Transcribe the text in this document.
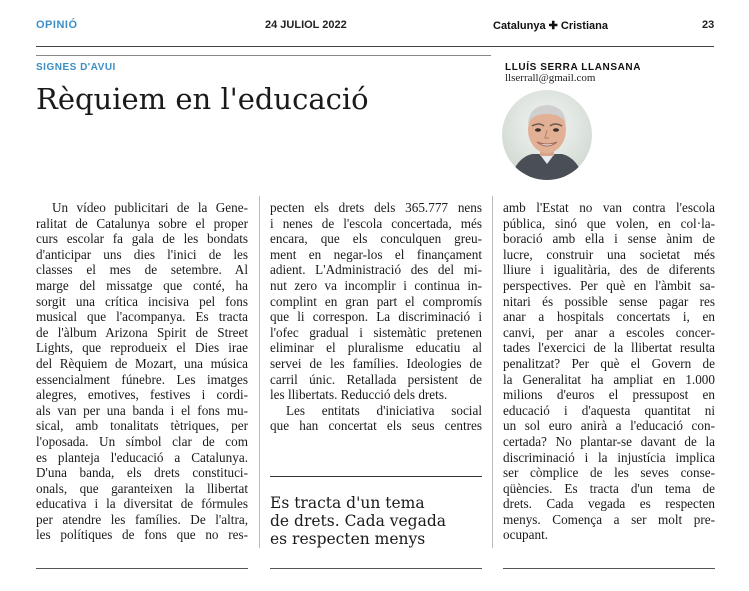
OPINIÓ	24 JULIOL 2022	Catalunya ✚ Cristiana	23
SIGNES D'AVUI
Rèquiem en l'educació
LLUÍS SERRA LLANSANA
llserrall@gmail.com
Un vídeo publicitari de la Gene-
ralitat de Catalunya sobre el proper
curs escolar fa gala de les bondats
d'anticipar uns dies l'inici de les
classes el mes de setembre. Al
marge del missatge que conté, ha
sorgit una crítica incisiva pel fons
musical que l'acompanya. Es tracta
de l'àlbum Arizona Spirit de Street
Lights, que reprodueix el Dies irae
del Rèquiem de Mozart, una música
essencialment fúnebre. Les imatges
alegres, emotives, festives i cordi-
als van per una banda i el fons mu-
sical, amb tonalitats tètriques, per
l'oposada. Un símbol clar de com
es planteja l'educació a Catalunya.
D'una banda, els drets constituci-
onals, que garanteixen la llibertat
educativa i la diversitat de fórmules
per atendre les famílies. De l'altra,
les polítiques de fons que no res-
pecten els drets dels 365.777 nens
i nenes de l'escola concertada, més
encara, que els conculquen greu-
ment en negar-los el finançament
adient. L'Administració des del mi-
nut zero va incomplir i continua in-
complint en gran part el compromís
que li correspon. La discriminació i
l'ofec gradual i sistemàtic pretenen
eliminar el pluralisme educatiu al
servei de les famílies. Ideologies de
carril únic. Retallada persistent de
les llibertats. Reducció dels drets.
Les entitats d'iniciativa social
que han concertat els seus centres
Es tracta d'un tema
de drets. Cada vegada
es respecten menys
amb l'Estat no van contra l'escola
pública, sinó que volen, en col·la-
boració amb ella i sense ànim de
lucre, construir una societat més
lliure i igualitària, des de diferents
perspectives. Per què en l'àmbit sa-
nitari és possible sense pagar res
anar a hospitals concertats i, en
canvi, per anar a escoles concer-
tades l'exercici de la llibertat resulta
penalitzat? Per què el Govern de
la Generalitat ha ampliat en 1.000
milions d'euros el pressupost en
educació i d'aquesta quantitat ni
un sol euro anirà a l'educació con-
certada? No plantar-se davant de la
discriminació i la injustícia implica
ser còmplice de les seves conse-
qüències. Es tracta d'un tema de
drets. Cada vegada es respecten
menys. Comença a ser molt pre-
ocupant.
